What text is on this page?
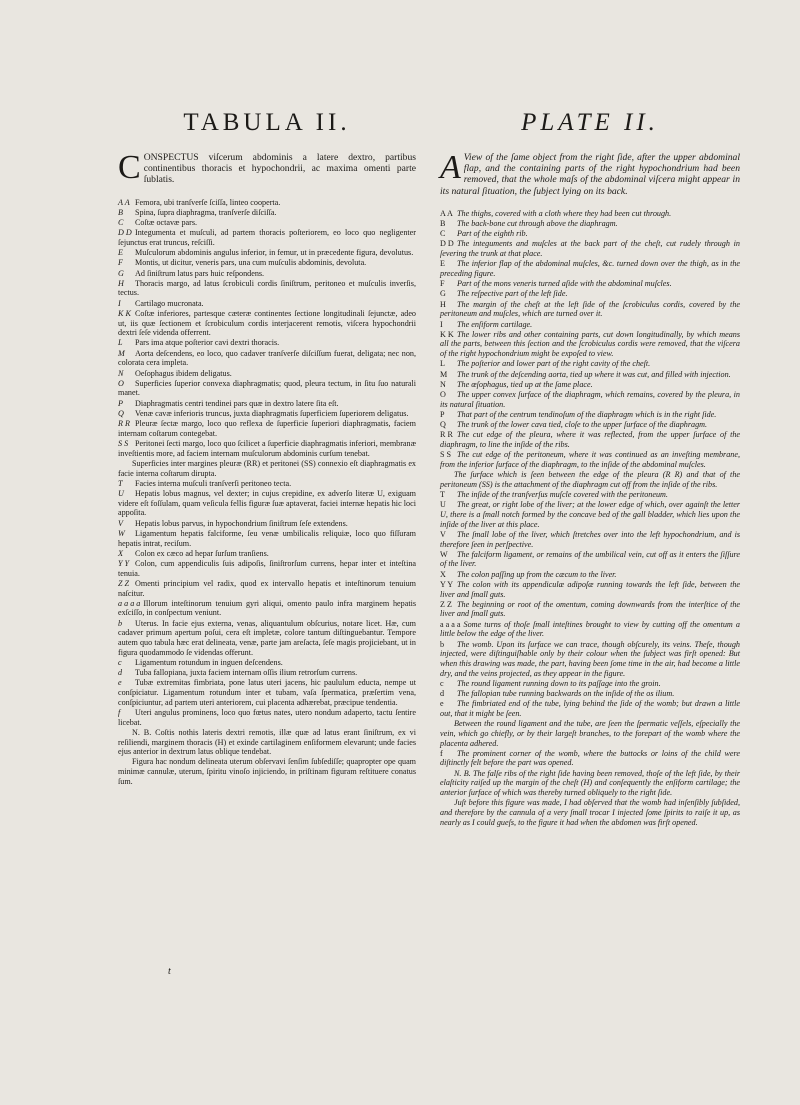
TABULA II.

CONSPECTUS viſcerum abdominis a latere dextro, partibus continentibus thoracis et hypochondrii, ac maxima omenti parte ſublatis.

A A Femora, ubi tranſverſe ſciſſa, linteo cooperta.

B Spina, ſupra diaphragma, tranſverſe diſciſſa.

C Coſtæ octavæ pars.

D D Integumenta et muſculi, ad partem thoracis poſteriorem, eo loco quo negligenter ſejunctus erat truncus, reſciſſi.

E Muſculorum abdominis angulus inferior, in femur, ut in præcedente figura, devolutus.

F Montis, ut dicitur, veneris pars, una cum muſculis abdominis, devoluta.

G Ad ſiniſtrum latus pars huic reſpondens.

H Thoracis margo, ad latus ſcrobiculi cordis ſiniſtrum, peritoneo et muſculis inverſis, tectus.

I Cartilago mucronata.

K K Coſtæ inferiores, partesque cæteræ continentes ſectione longitudinali ſejunctæ, adeo ut, iis quæ ſectionem et ſcrobiculum cordis interjacerent remotis, viſcera hypochondrii dextri ſeſe videnda offerrent.

L Pars ima atque poſterior cavi dextri thoracis.

M Aorta deſcendens, eo loco, quo cadaver tranſverſe diſciſſum fuerat, deligata; nec non, colorata cera impleta.

N Oeſophagus ibidem deligatus.

O Superficies ſuperior convexa diaphragmatis; quod, pleura tectum, in ſitu ſuo naturali manet.

P Diaphragmatis centri tendinei pars quæ in dextro latere ſita eſt.

Q Venæ cavæ inferioris truncus, juxta diaphragmatis ſuperficiem ſuperiorem deligatus.

R R Pleuræ ſectæ margo, loco quo reflexa de ſuperficie ſuperiori diaphragmatis, faciem internam coſtarum contegebat.

S S Peritonei ſecti margo, loco quo ſcilicet a ſuperficie diaphragmatis inferiori, membranæ inveſtientis more, ad faciem internam muſculorum abdominis curſum tenebat.

Superficies inter margines pleuræ (RR) et peritonei (SS) connexio eſt diaphragmatis ex facie interna coſtarum dirupta.

T Facies interna muſculi tranſverſi peritoneo tecta.

U Hepatis lobus magnus, vel dexter; in cujus crepidine, ex adverſo literæ U, exiguam videre eſt foſſulam, quam veſicula fellis figuræ ſuæ aptaverat, faciei internæ hepatis hic loci appoſita.

V Hepatis lobus parvus, in hypochondrium ſiniſtrum ſeſe extendens.

W Ligamentum hepatis falciforme, ſeu venæ umbilicalis reliquiæ, loco quo fiſſuram hepatis intrat, reciſum.

X Colon ex cæco ad hepar ſurſum tranſiens.

Y Y Colon, cum appendiculis ſuis adipoſis, ſiniſtrorſum currens, hepar inter et inteſtina tenuia.

Z Z Omenti principium vel radix, quod ex intervallo hepatis et inteſtinorum tenuium naſcitur.

a a a a Illorum inteſtinorum tenuium gyri aliqui, omento paulo infra marginem hepatis exſciſſo, in conſpectum veniunt.

b Uterus. In facie ejus externa, venas, aliquantulum obſcurius, notare licet. Hæ, cum cadaver primum apertum poſui, cera eſt impletæ, colore tantum diſtinguebantur. Tempore autem quo tabula hæc erat delineata, venæ, parte jam areſacta, ſeſe magis projiciebant, ut in figura quodammodo ſe videndas offerunt.

c Ligamentum rotundum in inguen deſcendens.

d Tuba fallopiana, juxta faciem internam oſſis ilium retrorſum currens.

e Tubæ extremitas fimbriata, pone latus uteri jacens, hic paululum educta, nempe ut conſpiciatur. Ligamentum rotundum inter et tubam, vaſa ſpermatica, præſertim vena, conſpiciuntur, ad partem uteri anteriorem, cui placenta adhærebat, præcipue tendentia.

f Uteri angulus prominens, loco quo fœtus nates, utero nondum adaperto, tactu ſentire licebat.

N. B. Coſtis nothis lateris dextri remotis, illæ quæ ad latus erant ſiniſtrum, ex vi reſiliendi, marginem thoracis (H) et exinde cartilaginem enſiformem elevarunt; unde facies ejus anterior in dextrum latus oblique tendebat.

Figura hac nondum delineata uterum obſervavi ſenſim ſubſediſſe; quapropter ope quam minimæ cannulæ, uterum, ſpiritu vinoſo injiciendo, in priſtinam figuram reſtituere conatus ſum.

PLATE II.

A View of the ſame object from the right ſide, after the upper abdominal flap, and the containing parts of the right hypochondrium had been removed, that the whole maſs of the abdominal viſcera might appear in its natural ſituation, the ſubject lying on its back.

A A The thighs, covered with a cloth where they had been cut through.

B The back-bone cut through above the diaphragm.

C Part of the eighth rib.

D D The integuments and muſcles at the back part of the cheſt, cut rudely through in ſevering the trunk at that place.

E The inferior flap of the abdominal muſcles, &c. turned down over the thigh, as in the preceding figure.

F Part of the mons veneris turned aſide with the abdominal muſcles.

G The reſpective part of the left ſide.

H The margin of the cheſt at the left ſide of the ſcrobiculus cordis, covered by the peritoneum and muſcles, which are turned over it.

I The enſiform cartilage.

K K The lower ribs and other containing parts, cut down longitudinally, by which means all the parts, between this ſection and the ſcrobiculus cordis were removed, that the viſcera of the right hypochondrium might be expoſed to view.

L The poſterior and lower part of the right cavity of the cheſt.

M The trunk of the deſcending aorta, tied up where it was cut, and filled with injection.

N The œſophagus, tied up at the ſame place.

O The upper convex ſurface of the diaphragm, which remains, covered by the pleura, in its natural ſituation.

P That part of the centrum tendinoſum of the diaphragm which is in the right ſide.

Q The trunk of the lower cava tied, cloſe to the upper ſurface of the diaphragm.

R R The cut edge of the pleura, where it was reflected, from the upper ſurface of the diaphragm, to line the inſide of the ribs.

S S The cut edge of the peritoneum, where it was continued as an inveſting membrane, from the inferior ſurface of the diaphragm, to the inſide of the abdominal muſcles.

The ſurface which is ſeen between the edge of the pleura (R R) and that of the peritoneum (SS) is the attachment of the diaphragm cut off from the inſide of the ribs.

T The inſide of the tranſverſus muſcle covered with the peritoneum.

U The great, or right lobe of the liver; at the lower edge of which, over againſt the letter U, there is a ſmall notch formed by the concave bed of the gall bladder, which lies upon the inſide of the liver at this place.

V The ſmall lobe of the liver, which ſtretches over into the left hypochondrium, and is therefore ſeen in perſpective.

W The falciform ligament, or remains of the umbilical vein, cut off as it enters the ſiſſure of the liver.

X The colon paſſing up from the cæcum to the liver.

Y Y The colon with its appendiculæ adipoſæ running towards the left ſide, between the liver and ſmall guts.

Z Z The beginning or root of the omentum, coming downwards from the interſtice of the liver and ſmall guts.

a a a a Some turns of thoſe ſmall inteſtines brought to view by cutting off the omentum a little below the edge of the liver.

b The womb. Upon its ſurface we can trace, though obſcurely, its veins. Theſe, though injected, were diſtinguiſhable only by their colour when the ſubject was firſt opened: But when this drawing was made, the part, having been ſome time in the air, had become a little dry, and the veins projected, as they appear in the figure.

c The round ligament running down to its paſſage into the groin.

d The fallopian tube running backwards on the inſide of the os ilium.

e The fimbriated end of the tube, lying behind the ſide of the womb; but drawn a little out, that it might be ſeen.

Between the round ligament and the tube, are ſeen the ſpermatic veſſels, eſpecially the vein, which go chiefly, or by their largeſt branches, to the forepart of the womb where the placenta adhered.

f The prominent corner of the womb, where the buttocks or loins of the child were diſtinctly felt before the part was opened.

N. B. The falſe ribs of the right ſide having been removed, thoſe of the left ſide, by their elaſticity raiſed up the margin of the cheſt (H) and conſequently the enſiform cartilage; the anterior ſurface of which was thereby turned obliquely to the right ſide.

Juſt before this figure was made, I had obſerved that the womb had inſenſibly ſubſided, and therefore by the cannula of a very ſmall trocar I injected ſome ſpirits to raiſe it up, as nearly as I could gueſs, to the figure it had when the abdomen was firſt opened.

t
